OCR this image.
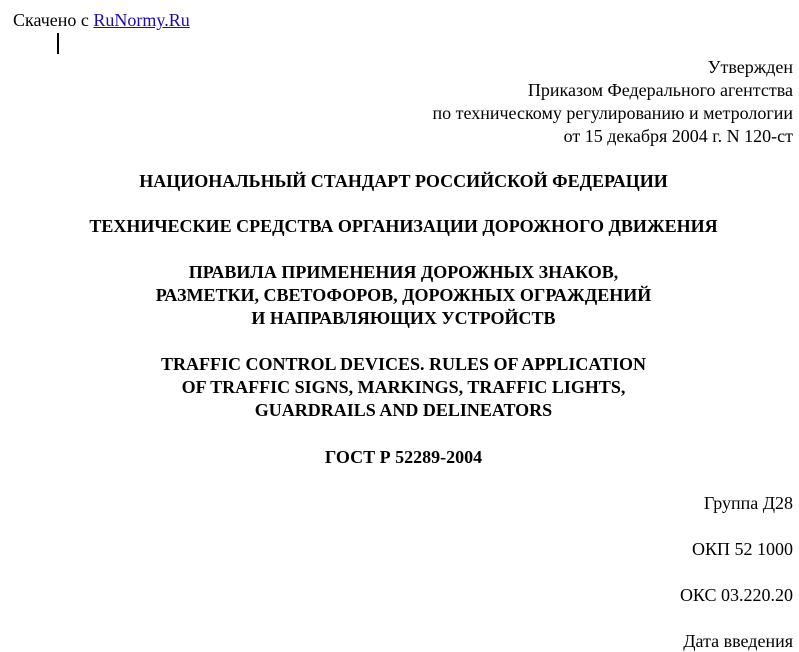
Скачено с RuNormy.Ru
Утвержден
Приказом Федерального агентства
по техническому регулированию и метрологии
от 15 декабря 2004 г. N 120-ст
НАЦИОНАЛЬНЫЙ СТАНДАРТ РОССИЙСКОЙ ФЕДЕРАЦИИ
ТЕХНИЧЕСКИЕ СРЕДСТВА ОРГАНИЗАЦИИ ДОРОЖНОГО ДВИЖЕНИЯ
ПРАВИЛА ПРИМЕНЕНИЯ ДОРОЖНЫХ ЗНАКОВ,
РАЗМЕТКИ, СВЕТОФОРОВ, ДОРОЖНЫХ ОГРАЖДЕНИЙ
И НАПРАВЛЯЮЩИХ УСТРОЙСТВ
TRAFFIC CONTROL DEVICES. RULES OF APPLICATION
OF TRAFFIC SIGNS, MARKINGS, TRAFFIC LIGHTS,
GUARDRAILS AND DELINEATORS
ГОСТ Р 52289-2004
Группа Д28
ОКП 52 1000
ОКС 03.220.20
Дата введения
